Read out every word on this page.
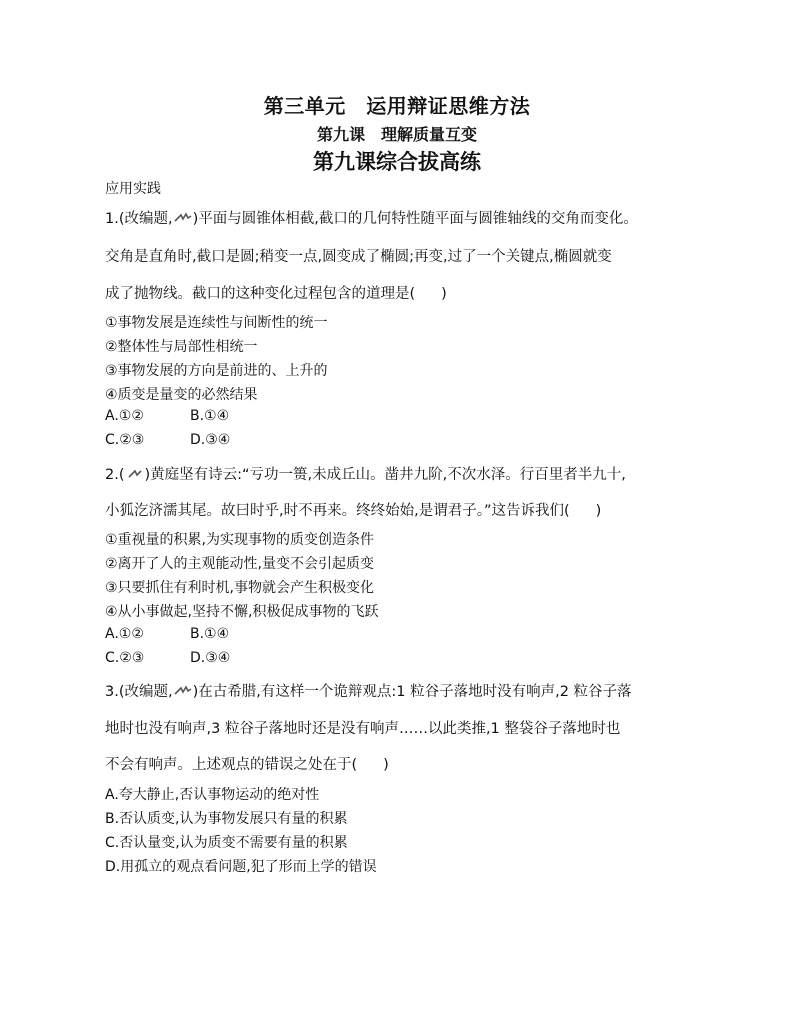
第三单元　运用辩证思维方法
第九课　理解质量互变
第九课综合拔高练
应用实践
1.(改编题, )平面与圆锥体相截,截口的几何特性随平面与圆锥轴线的交角而变化。
交角是直角时,截口是圆;稍变一点,圆变成了椭圆;再变,过了一个关键点,椭圆就变
成了抛物线。截口的这种变化过程包含的道理是( )
①事物发展是连续性与间断性的统一
②整体性与局部性相统一
③事物发展的方向是前进的、上升的
④质变是量变的必然结果
A.①②	B.①④
C.②③	D.③④
2.( )黄庭坚有诗云:“亏功一篑,未成丘山。凿井九阶,不次水泽。行百里者半九十,
小狐汔济濡其尾。故曰时乎,时不再来。终终始始,是谓君子。”这告诉我们( )
①重视量的积累,为实现事物的质变创造条件
②离开了人的主观能动性,量变不会引起质变
③只要抓住有利时机,事物就会产生积极变化
④从小事做起,坚持不懈,积极促成事物的飞跃
A.①②	B.①④
C.②③	D.③④
3.(改编题, )在古希腊,有这样一个诡辩观点:1 粒谷子落地时没有响声,2 粒谷子落
地时也没有响声,3 粒谷子落地时还是没有响声……以此类推,1 整袋谷子落地时也
不会有响声。上述观点的错误之处在于( )
A.夸大静止,否认事物运动的绝对性
B.否认质变,认为事物发展只有量的积累
C.否认量变,认为质变不需要有量的积累
D.用孤立的观点看问题,犯了形而上学的错误
